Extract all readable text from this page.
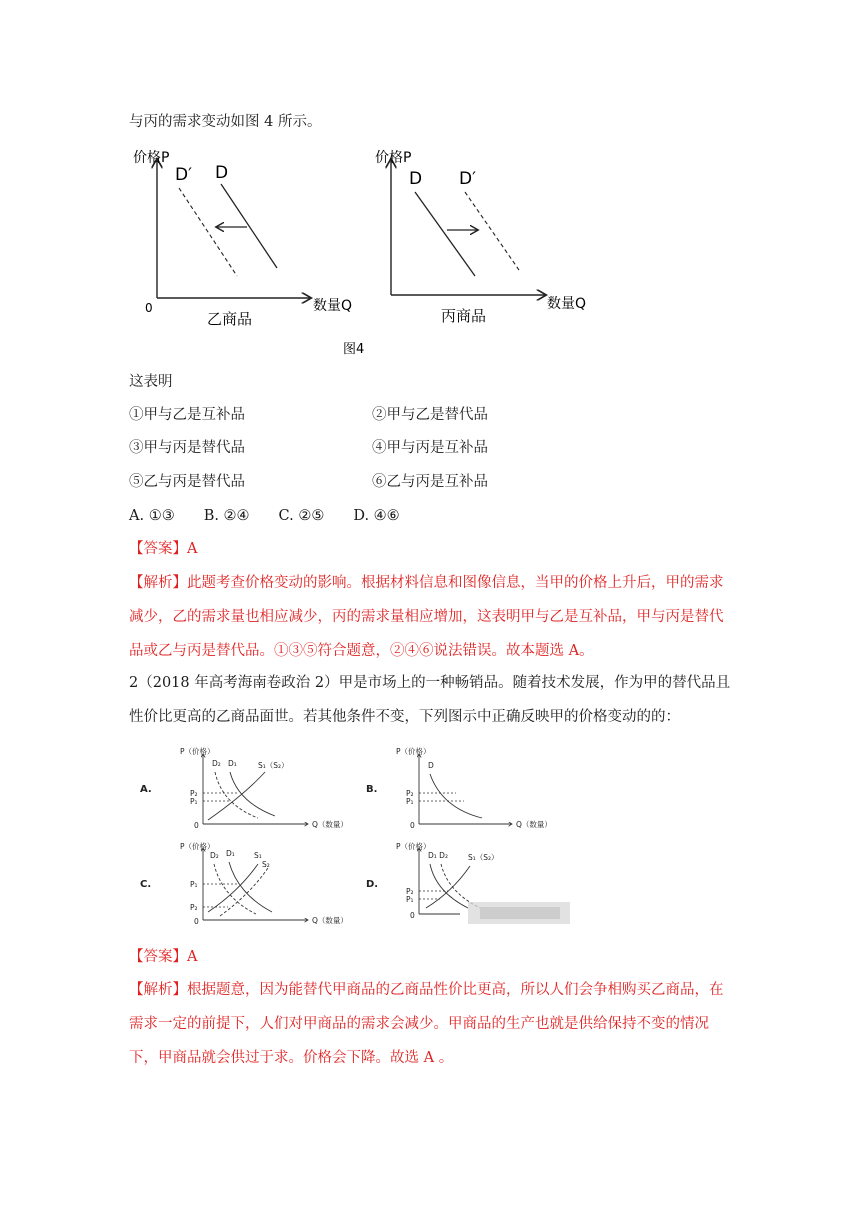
与丙的需求变动如图 4 所示。
价格P
数量Q
0
D′ D
乙商品
价格P
数量Q
D D′
丙商品
图4
这表明
①甲与乙是互补品	②甲与乙是替代品
③甲与丙是替代品	④甲与丙是互补品
⑤乙与丙是替代品	⑥乙与丙是互补品
A. ①③　　B. ②④　　C. ②⑤　　D. ④⑥
【答案】A
【解析】此题考查价格变动的影响。根据材料信息和图像信息，当甲的价格上升后，甲的需求减少，乙的需求量也相应减少，丙的需求量相应增加，这表明甲与乙是互补品，甲与丙是替代品或乙与丙是替代品。①③⑤符合题意，②④⑥说法错误。故本题选 A。
2（2018 年高考海南卷政治 2）甲是市场上的一种畅销品。随着技术发展，作为甲的替代品且性价比更高的乙商品面世。若其他条件不变，下列图示中正确反映甲的价格变动的的：
A.
P（价格）
Q（数量）
0
D₂ D₁	S₁（S₂）
P₂
P₁
B.
P（价格）
Q（数量）
0
D
P₂
P₁
C.
P（价格）
Q（数量）
0
D₂ D₁	S₁
S₂
P₁
P₂
D.
P（价格）
0
D₁ D₂	S₁（S₂）
P₂
P₁
【答案】A
【解析】根据题意，因为能替代甲商品的乙商品性价比更高，所以人们会争相购买乙商品，在需求一定的前提下，人们对甲商品的需求会减少。甲商品的生产也就是供给保持不变的情况下，甲商品就会供过于求。价格会下降。故选 A 。
